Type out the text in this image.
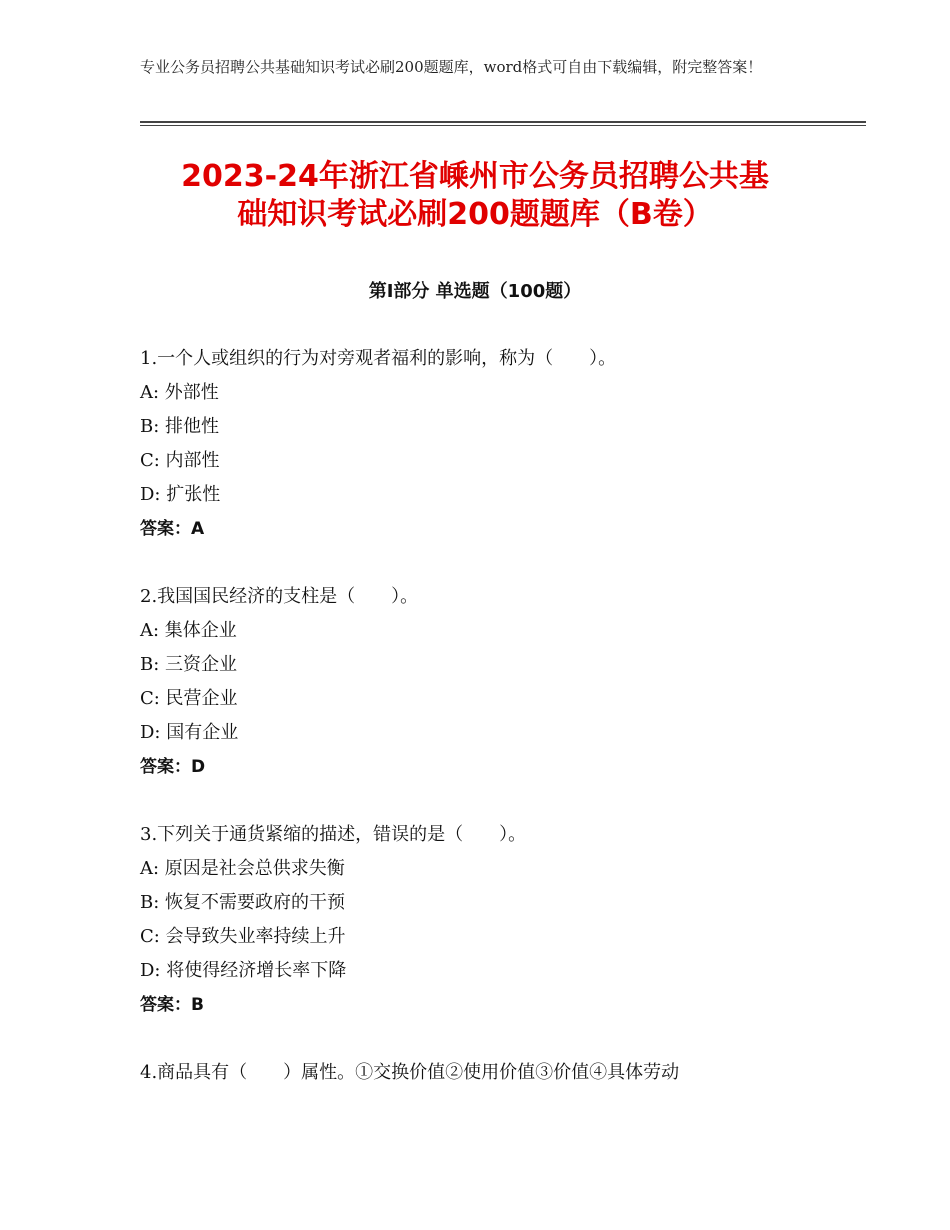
专业公务员招聘公共基础知识考试必刷200题题库，word格式可自由下载编辑，附完整答案！
2023-24年浙江省嵊州市公务员招聘公共基
础知识考试必刷200题题库（B卷）
第Ⅰ部分 单选题（100题）
1.一个人或组织的行为对旁观者福利的影响，称为（　　）。
A: 外部性
B: 排他性
C: 内部性
D: 扩张性
答案：A
2.我国国民经济的支柱是（　　）。
A: 集体企业
B: 三资企业
C: 民营企业
D: 国有企业
答案：D
3.下列关于通货紧缩的描述，错误的是（　　）。
A: 原因是社会总供求失衡
B: 恢复不需要政府的干预
C: 会导致失业率持续上升
D: 将使得经济增长率下降
答案：B
4.商品具有（　　）属性。①交换价值②使用价值③价值④具体劳动
